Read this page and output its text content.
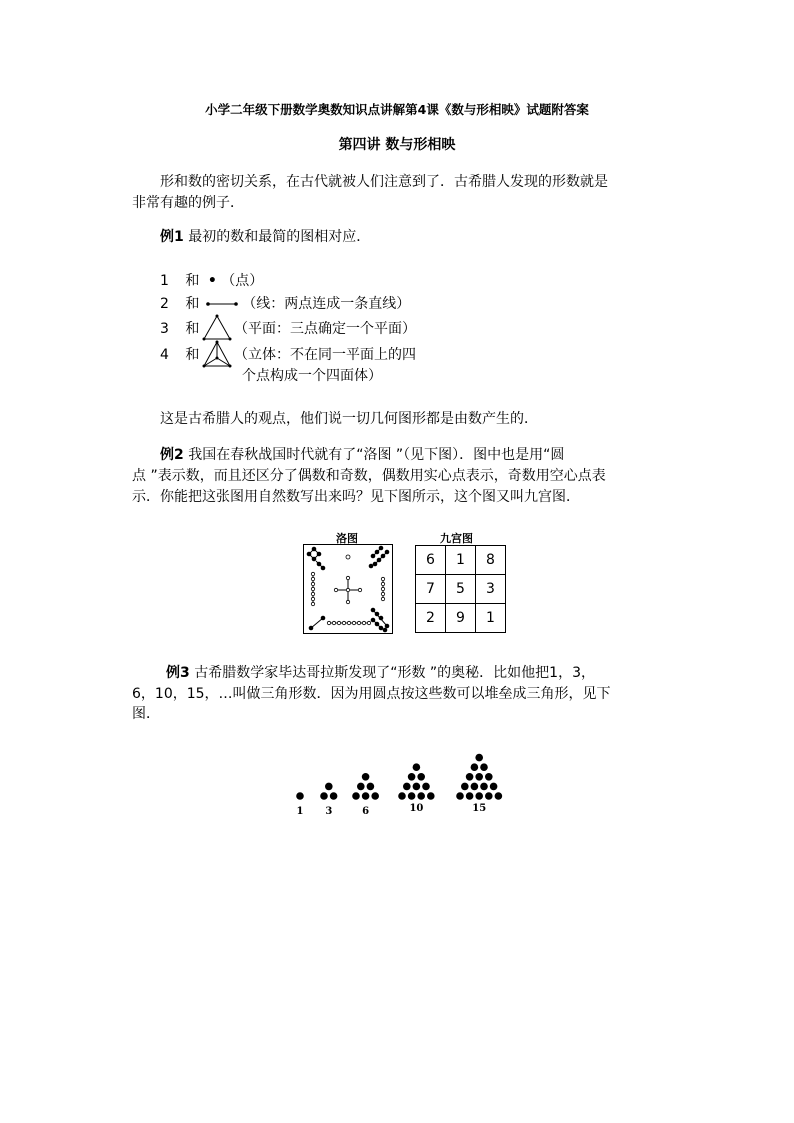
小学二年级下册数学奥数知识点讲解第4课《数与形相映》试题附答案
第四讲 数与形相映
形和数的密切关系，在古代就被人们注意到了．古希腊人发现的形数就是
非常有趣的例子．
例1 最初的数和最简的图相对应．
1 和 • （点）
2 和	（线：两点连成一条直线）
3 和 （平面：三点确定一个平面）
4 和 （立体：不在同一平面上的四
个点构成一个四面体）
这是古希腊人的观点，他们说一切几何图形都是由数产生的．
例2 我国在春秋战国时代就有了“洛图 ”（见下图）．图中也是用“圆
点 ”表示数，而且还区分了偶数和奇数，偶数用实心点表示，奇数用空心点表
示．你能把这张图用自然数写出来吗？见下图所示，这个图又叫九宫图．
洛图	九宫图
6	1	8
7	5	3
2	9	1
例3 古希腊数学家毕达哥拉斯发现了“形数 ”的奥秘．比如他把1，3，
6，10，15，…叫做三角形数．因为用圆点按这些数可以堆垒成三角形，见下
图．
1 3	6	10	15
